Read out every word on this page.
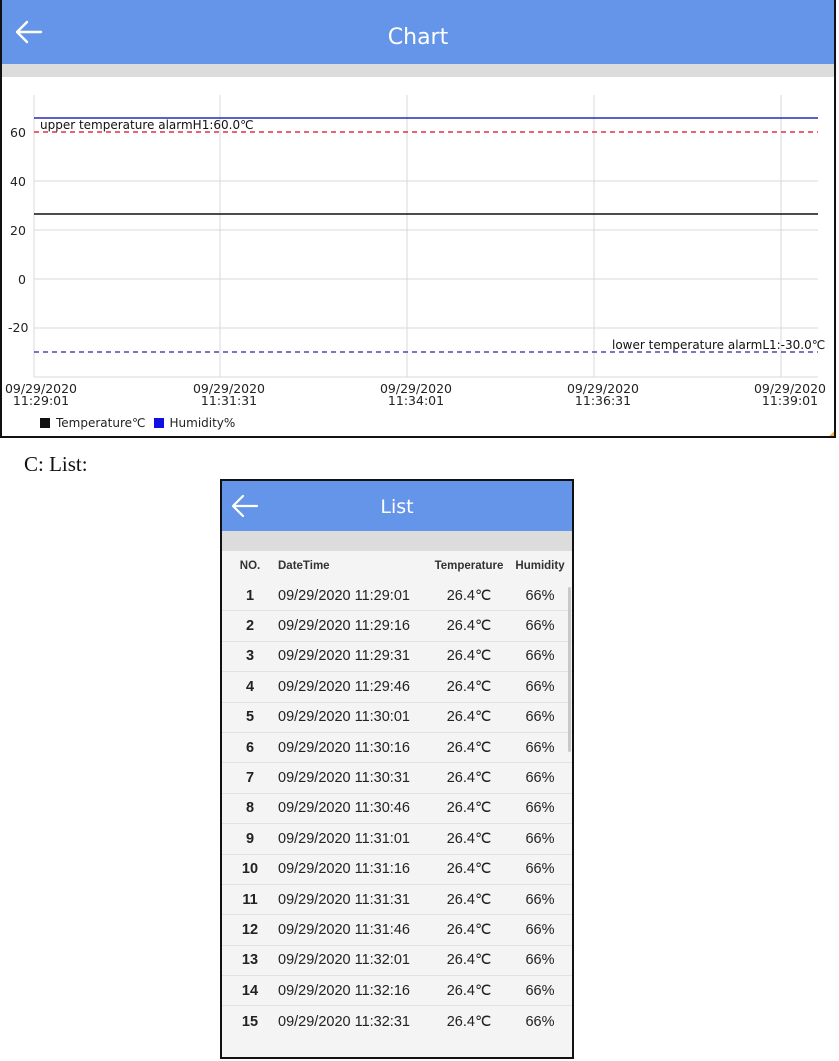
Chart
60
40
20
0
-20
upper temperature alarmH1:60.0℃
lower temperature alarmL1:-30.0℃
09/29/2020
11:29:01
09/29/2020
11:31:31
09/29/2020
11:34:01
09/29/2020
11:36:31
09/29/2020
11:39:01
Temperature℃ Humidity%
C: List:
List
NO.	DateTime	Temperature	Humidity
1	09/29/2020 11:29:01	26.4℃	66%
2	09/29/2020 11:29:16	26.4℃	66%
3	09/29/2020 11:29:31	26.4℃	66%
4	09/29/2020 11:29:46	26.4℃	66%
5	09/29/2020 11:30:01	26.4℃	66%
6	09/29/2020 11:30:16	26.4℃	66%
7	09/29/2020 11:30:31	26.4℃	66%
8	09/29/2020 11:30:46	26.4℃	66%
9	09/29/2020 11:31:01	26.4℃	66%
10	09/29/2020 11:31:16	26.4℃	66%
11	09/29/2020 11:31:31	26.4℃	66%
12	09/29/2020 11:31:46	26.4℃	66%
13	09/29/2020 11:32:01	26.4℃	66%
14	09/29/2020 11:32:16	26.4℃	66%
15	09/29/2020 11:32:31	26.4℃	66%
